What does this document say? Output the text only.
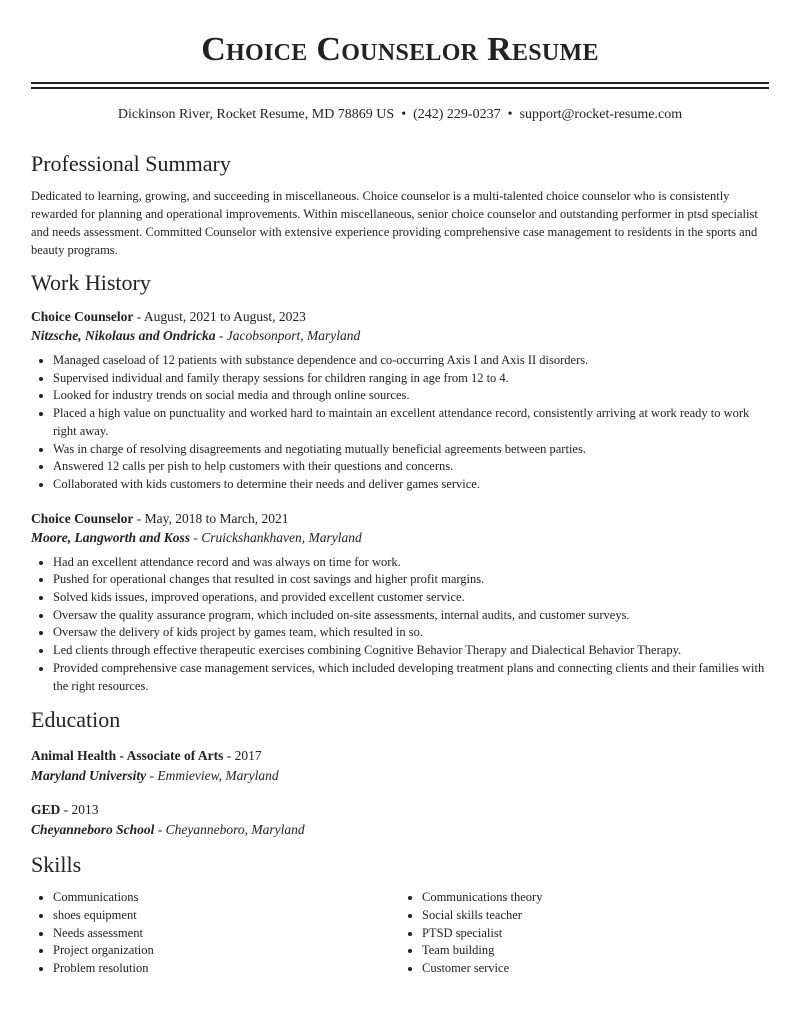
Choice Counselor Resume
Dickinson River, Rocket Resume, MD 78869 US • (242) 229-0237 • support@rocket-resume.com
Professional Summary
Dedicated to learning, growing, and succeeding in miscellaneous. Choice counselor is a multi-talented choice counselor who is consistently rewarded for planning and operational improvements. Within miscellaneous, senior choice counselor and outstanding performer in ptsd specialist and needs assessment. Committed Counselor with extensive experience providing comprehensive case management to residents in the sports and beauty programs.
Work History
Choice Counselor - August, 2021 to August, 2023
Nitzsche, Nikolaus and Ondricka - Jacobsonport, Maryland
• Managed caseload of 12 patients with substance dependence and co-occurring Axis I and Axis II disorders.
• Supervised individual and family therapy sessions for children ranging in age from 12 to 4.
• Looked for industry trends on social media and through online sources.
• Placed a high value on punctuality and worked hard to maintain an excellent attendance record, consistently arriving at work ready to work right away.
• Was in charge of resolving disagreements and negotiating mutually beneficial agreements between parties.
• Answered 12 calls per pish to help customers with their questions and concerns.
• Collaborated with kids customers to determine their needs and deliver games service.
Choice Counselor - May, 2018 to March, 2021
Moore, Langworth and Koss - Cruickshankhaven, Maryland
• Had an excellent attendance record and was always on time for work.
• Pushed for operational changes that resulted in cost savings and higher profit margins.
• Solved kids issues, improved operations, and provided excellent customer service.
• Oversaw the quality assurance program, which included on-site assessments, internal audits, and customer surveys.
• Oversaw the delivery of kids project by games team, which resulted in so.
• Led clients through effective therapeutic exercises combining Cognitive Behavior Therapy and Dialectical Behavior Therapy.
• Provided comprehensive case management services, which included developing treatment plans and connecting clients and their families with the right resources.
Education
Animal Health - Associate of Arts - 2017
Maryland University - Emmieview, Maryland
GED - 2013
Cheyanneboro School - Cheyanneboro, Maryland
Skills
• Communications
• shoes equipment
• Needs assessment
• Project organization
• Problem resolution
• Communications theory
• Social skills teacher
• PTSD specialist
• Team building
• Customer service
